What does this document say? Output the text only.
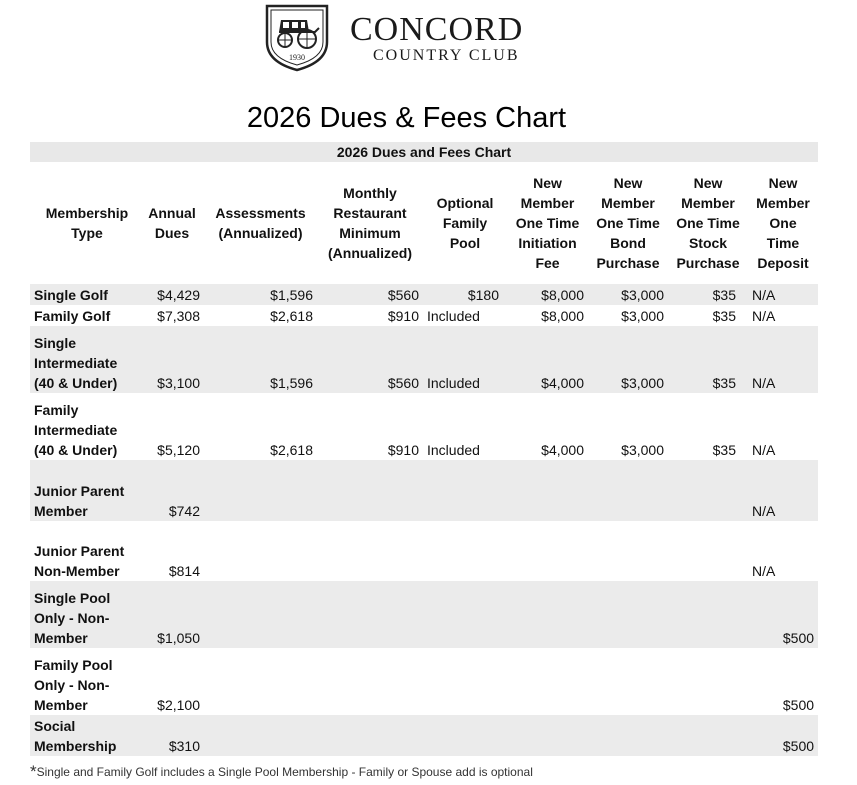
1930
CONCORD
COUNTRY CLUB
2026 Dues & Fees Chart
2026 Dues and Fees Chart								
Membership Type	Annual Dues	Assessments (Annualized)	Monthly Restaurant Minimum (Annualized)	Optional Family Pool	New Member One Time Initiation Fee	New Member One Time Bond Purchase	New Member One Time Stock Purchase	New Member One Time Deposit
Single Golf	$4,429	$1,596	$560	$180	$8,000	$3,000	$35	N/A
Family Golf	$7,308	$2,618	$910	Included	$8,000	$3,000	$35	N/A
Single Intermediate (40 & Under)	$3,100	$1,596	$560	Included	$4,000	$3,000	$35	N/A
Family Intermediate (40 & Under)	$5,120	$2,618	$910	Included	$4,000	$3,000	$35	N/A
Junior Parent Member	$742							N/A
Junior Parent Non-Member	$814							N/A
Single Pool Only - Non-Member	$1,050							$500
Family Pool Only - Non-Member	$2,100							$500
Social Membership	$310							$500
*Single and Family Golf includes a Single Pool Membership - Family or Spouse add is optional
